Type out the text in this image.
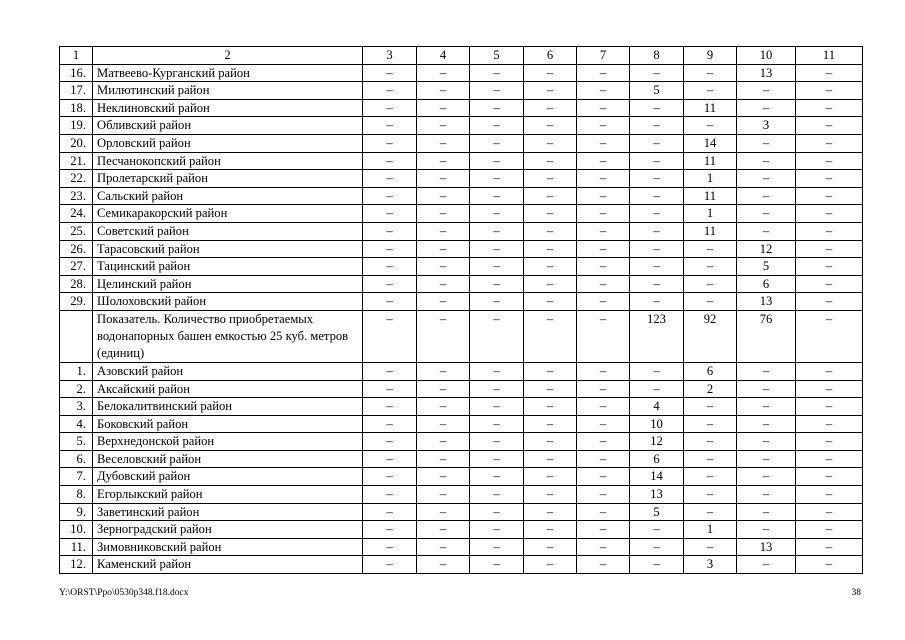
1	2	3	4	5	6	7	8	9	10	11
16.	Матвеево-Курганский район	–	–	–	–	–	–	–	13	–
17.	Милютинский район	–	–	–	–	–	5	–	–	–
18.	Неклиновский район	–	–	–	–	–	–	11	–	–
19.	Обливский район	–	–	–	–	–	–	–	3	–
20.	Орловский район	–	–	–	–	–	–	14	–	–
21.	Песчанокопский район	–	–	–	–	–	–	11	–	–
22.	Пролетарский район	–	–	–	–	–	–	1	–	–
23.	Сальский район	–	–	–	–	–	–	11	–	–
24.	Семикаракорский район	–	–	–	–	–	–	1	–	–
25.	Советский район	–	–	–	–	–	–	11	–	–
26.	Тарасовский район	–	–	–	–	–	–	–	12	–
27.	Тацинский район	–	–	–	–	–	–	–	5	–
28.	Целинский район	–	–	–	–	–	–	–	6	–
29.	Шолоховский район	–	–	–	–	–	–	–	13	–
	Показатель. Количество приобретаемых водонапорных башен емкостью 25 куб. метров (единиц)	–	–	–	–	–	123	92	76	–
1.	Азовский район	–	–	–	–	–	–	6	–	–
2.	Аксайский район	–	–	–	–	–	–	2	–	–
3.	Белокалитвинский район	–	–	–	–	–	4	–	–	–
4.	Боковский район	–	–	–	–	–	10	–	–	–
5.	Верхнедонской район	–	–	–	–	–	12	–	–	–
6.	Веселовский район	–	–	–	–	–	6	–	–	–
7.	Дубовский район	–	–	–	–	–	14	–	–	–
8.	Егорлыкский район	–	–	–	–	–	13	–	–	–
9.	Заветинский район	–	–	–	–	–	5	–	–	–
10.	Зерноградский район	–	–	–	–	–	–	1	–	–
11.	Зимовниковский район	–	–	–	–	–	–	–	13	–
12.	Каменский район	–	–	–	–	–	–	3	–	–
Y:\ORST\Ppo\0530p348.f18.docx	38
